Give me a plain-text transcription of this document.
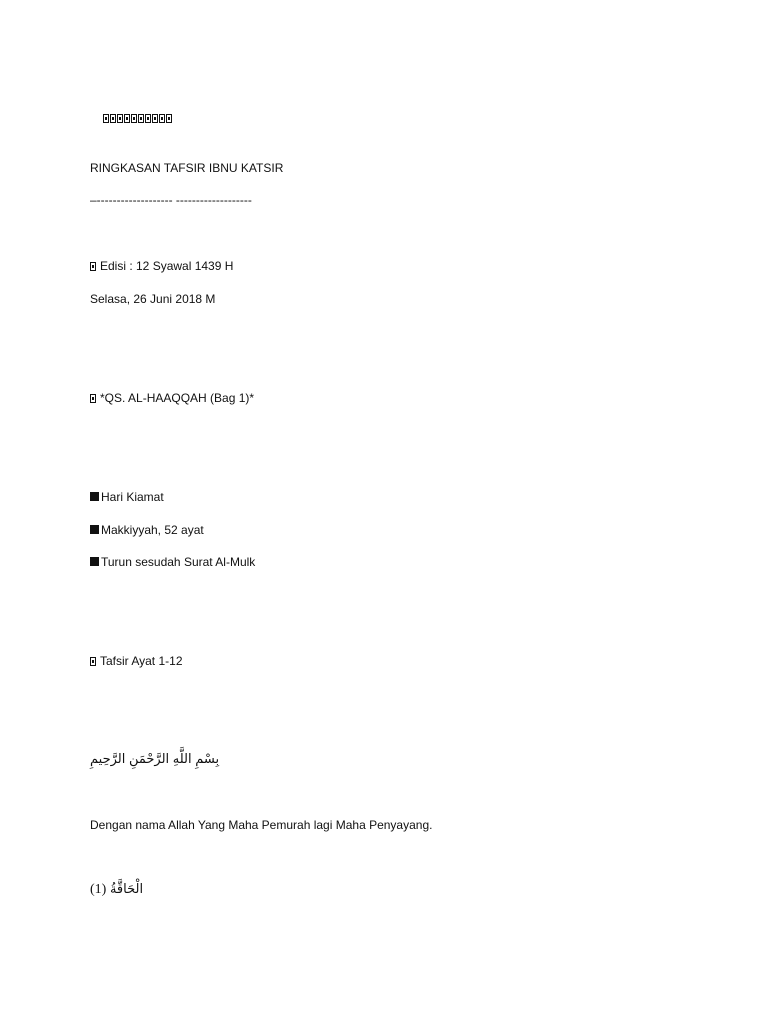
RINGKASAN TAFSIR IBNU KATSIR
‒------------------- -------------------
Edisi : 12 Syawal 1439 H
Selasa, 26 Juni 2018 M
*QS. AL-HAAQQAH (Bag 1)*
Hari Kiamat
Makkiyyah, 52 ayat
Turun sesudah Surat Al-Mulk
Tafsir Ayat 1-12
بِسْمِ اللَّهِ الرَّحْمَنِ الرَّحِيمِ
Dengan nama Allah Yang Maha Pemurah lagi Maha Penyayang.
(1) الْحَاقَّةُ
